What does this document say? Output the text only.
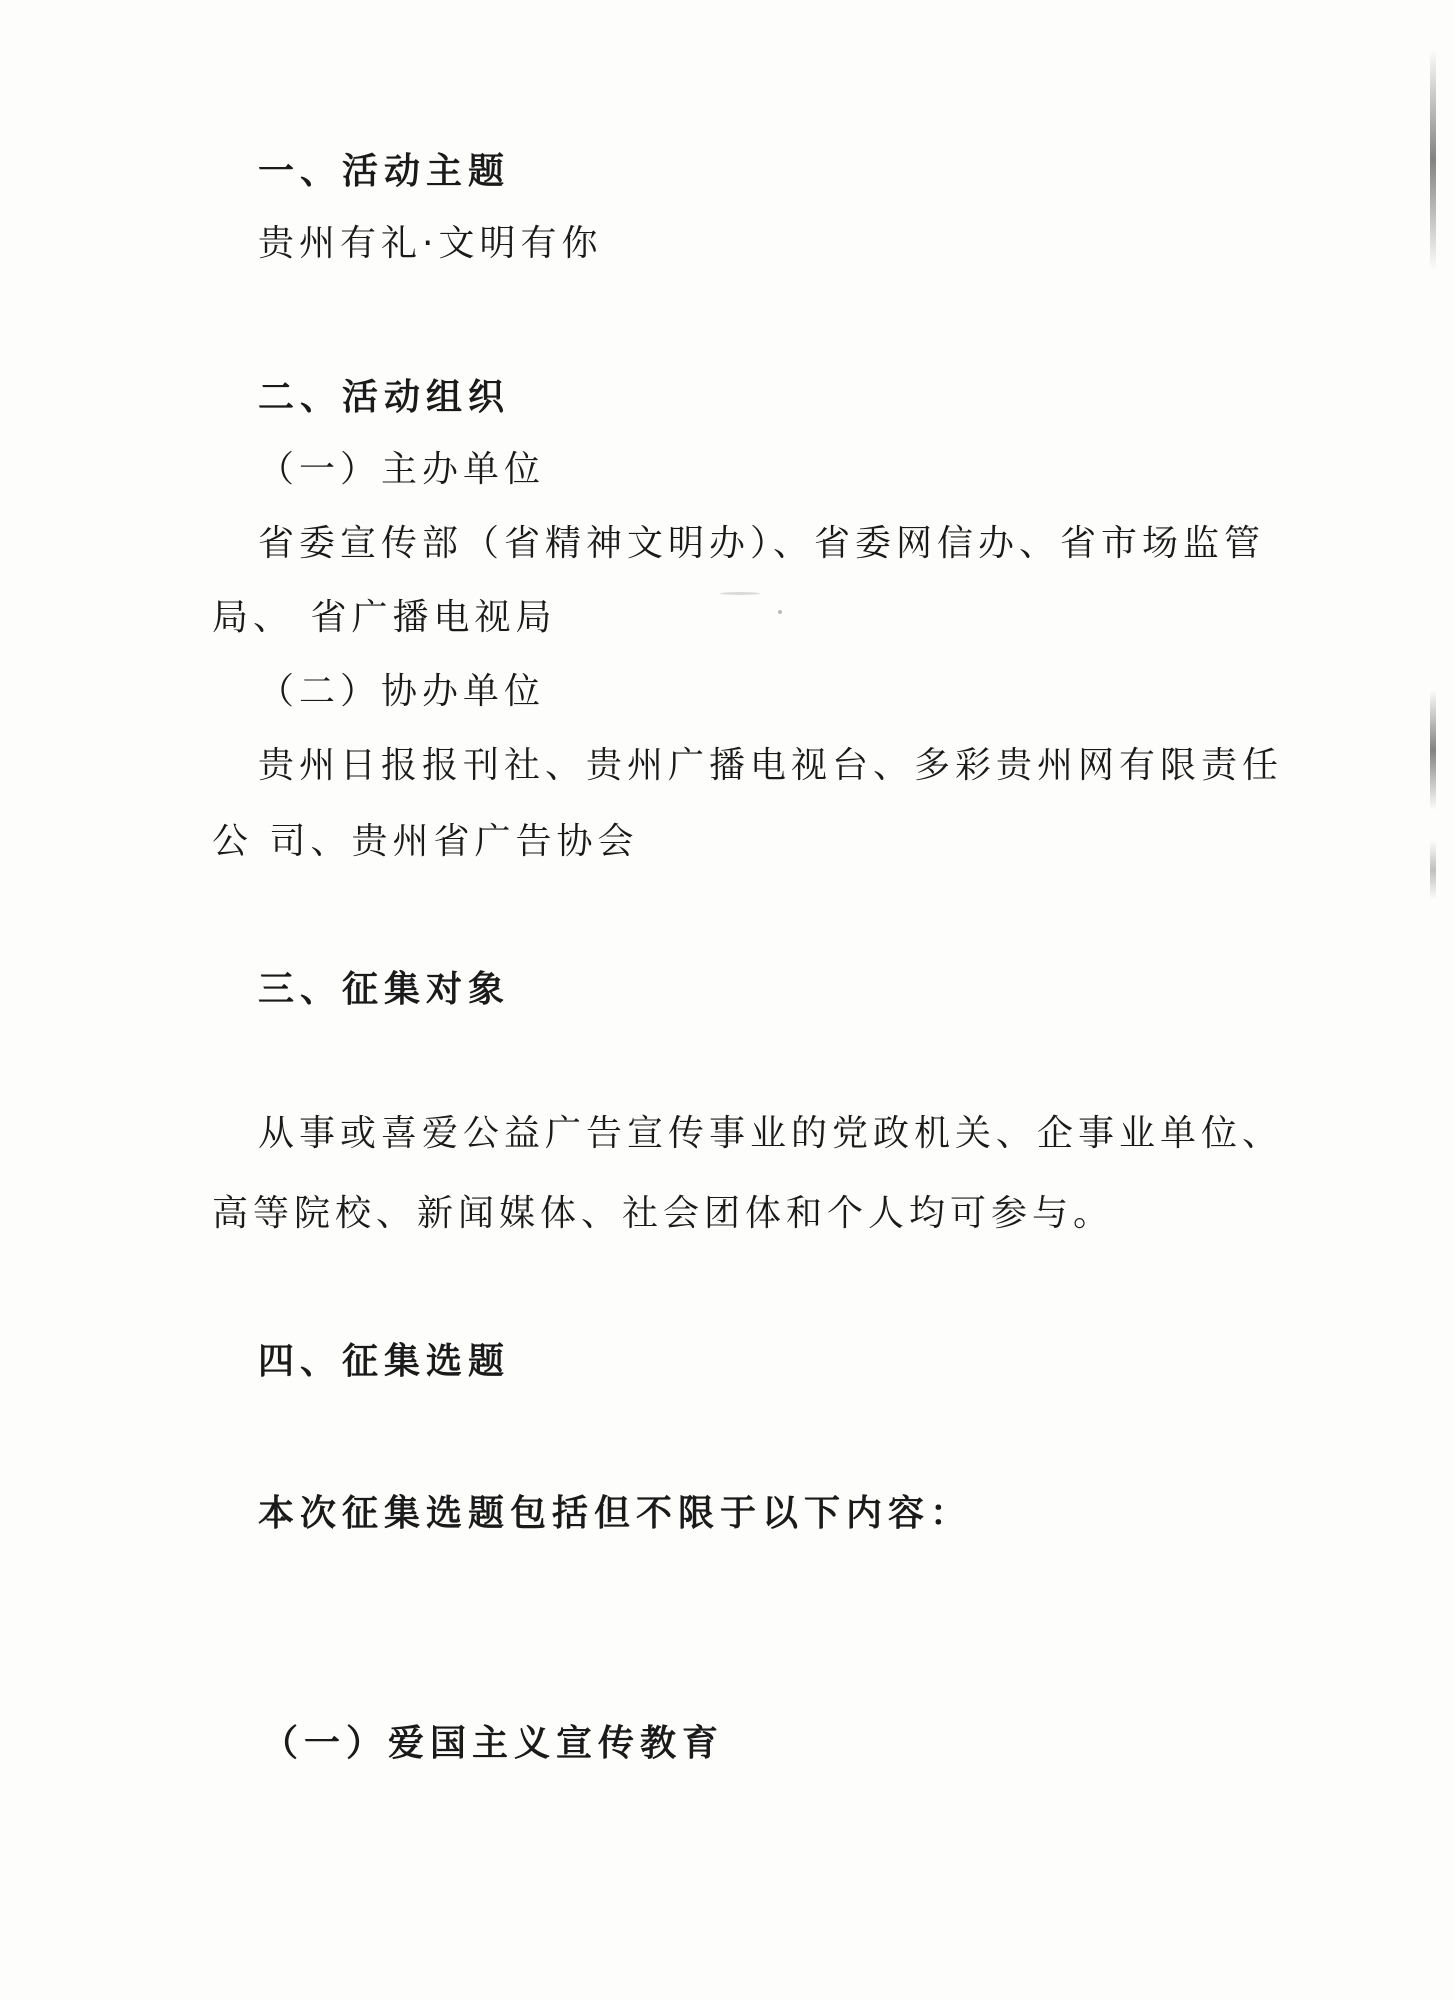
一、活动主题
贵州有礼·文明有你
二、活动组织
（一）主办单位
省委宣传部（省精神文明办）、省委网信办、省市场监管
局、 省广播电视局
（二）协办单位
贵州日报报刊社、贵州广播电视台、多彩贵州网有限责任
公 司、贵州省广告协会
三、征集对象
从事或喜爱公益广告宣传事业的党政机关、企事业单位、
高等院校、新闻媒体、社会团体和个人均可参与。
四、征集选题
本次征集选题包括但不限于以下内容：
（一）爱国主义宣传教育
